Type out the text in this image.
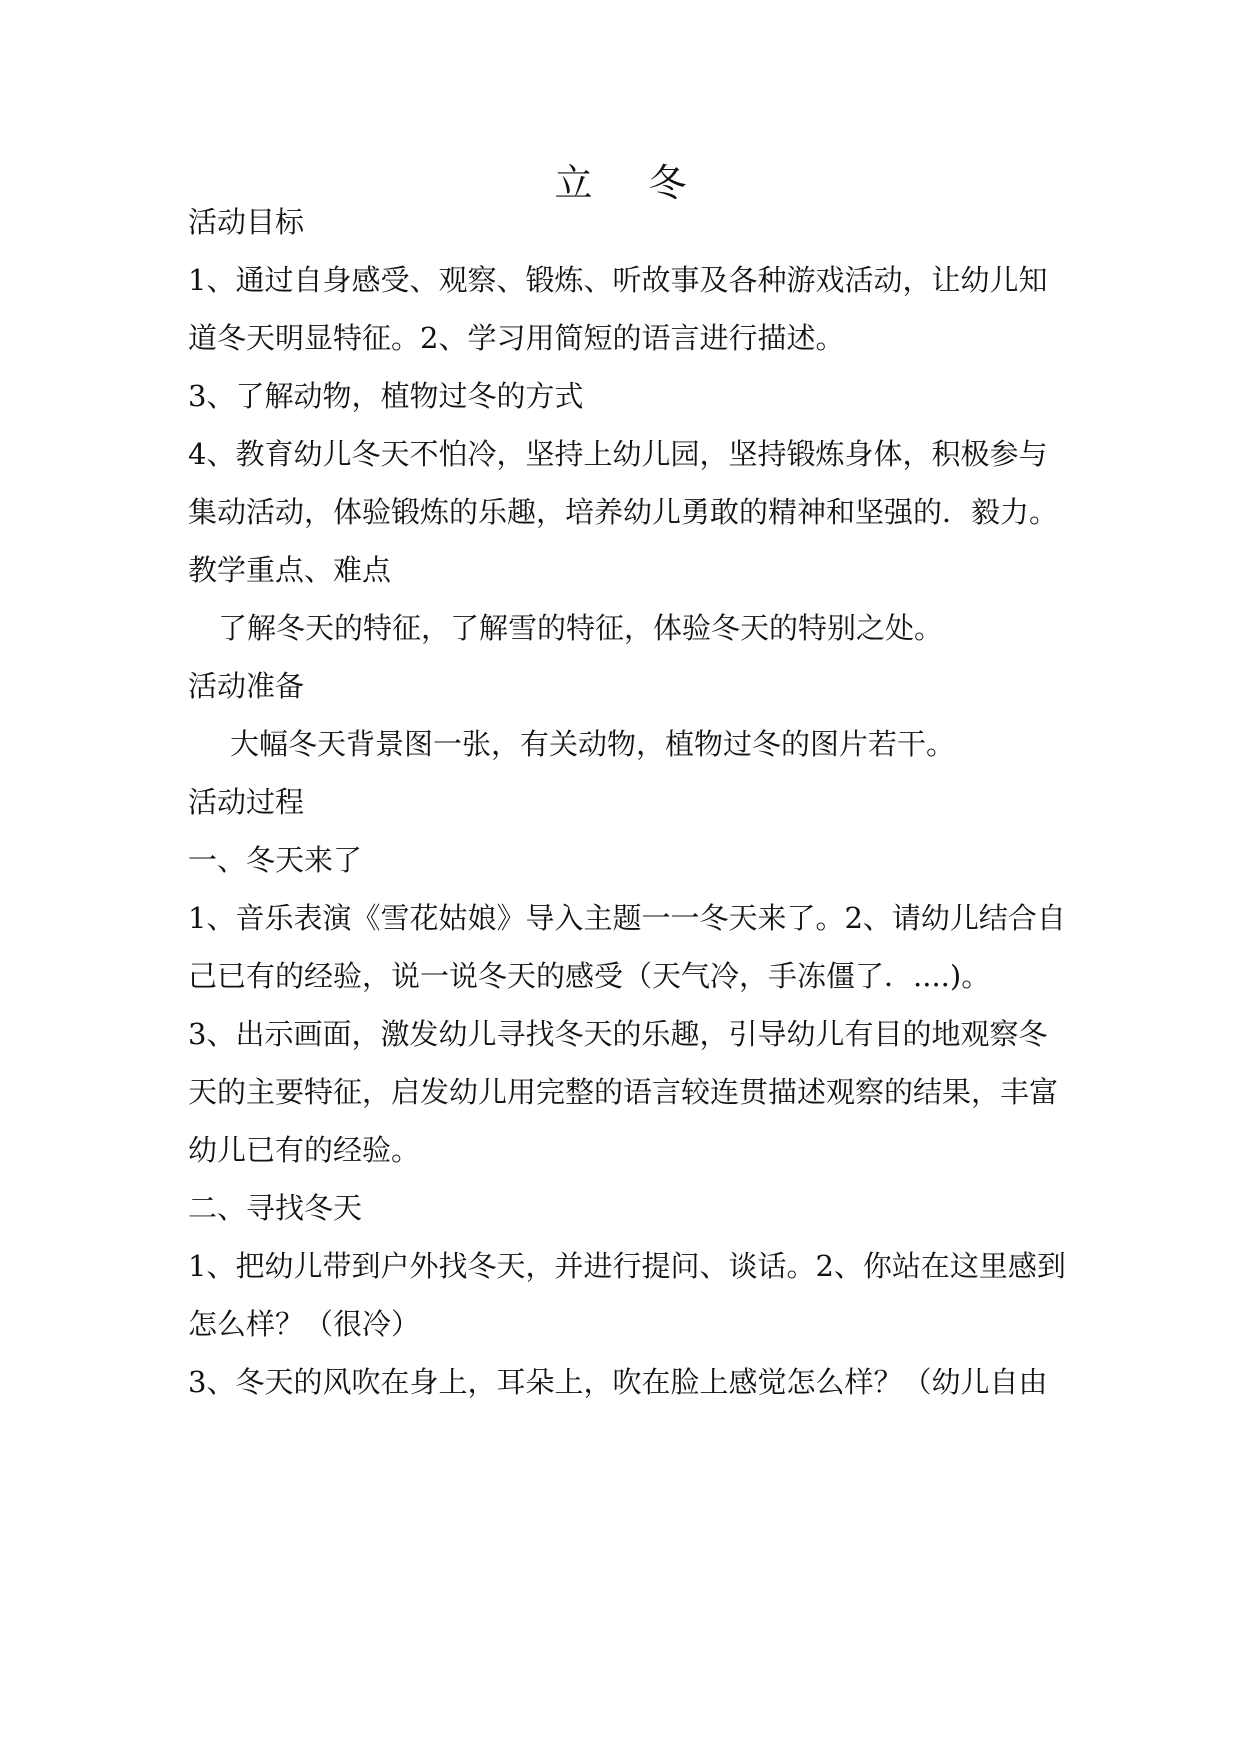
立 冬
活动目标
1、通过自身感受、观察、锻炼、听故事及各种游戏活动，让幼儿知
道冬天明显特征。2、学习用简短的语言进行描述。
3、了解动物，植物过冬的方式
4、教育幼儿冬天不怕冷，坚持上幼儿园，坚持锻炼身体，积极参与
集动活动，体验锻炼的乐趣，培养幼儿勇敢的精神和坚强的．毅力。
教学重点、难点
了解冬天的特征，了解雪的特征，体验冬天的特别之处。
活动准备
大幅冬天背景图一张，有关动物，植物过冬的图片若干。
活动过程
一、冬天来了
1、音乐表演《雪花姑娘》导入主题一一冬天来了。2、请幼儿结合自
己已有的经验，说一说冬天的感受（天气冷，手冻僵了．....)。
3、出示画面，激发幼儿寻找冬天的乐趣，引导幼儿有目的地观察冬
天的主要特征，启发幼儿用完整的语言较连贯描述观察的结果，丰富
幼儿已有的经验。
二、寻找冬天
1、把幼儿带到户外找冬天，并进行提问、谈话。2、你站在这里感到
怎么样？（很冷）
3、冬天的风吹在身上，耳朵上，吹在脸上感觉怎么样？（幼儿自由
